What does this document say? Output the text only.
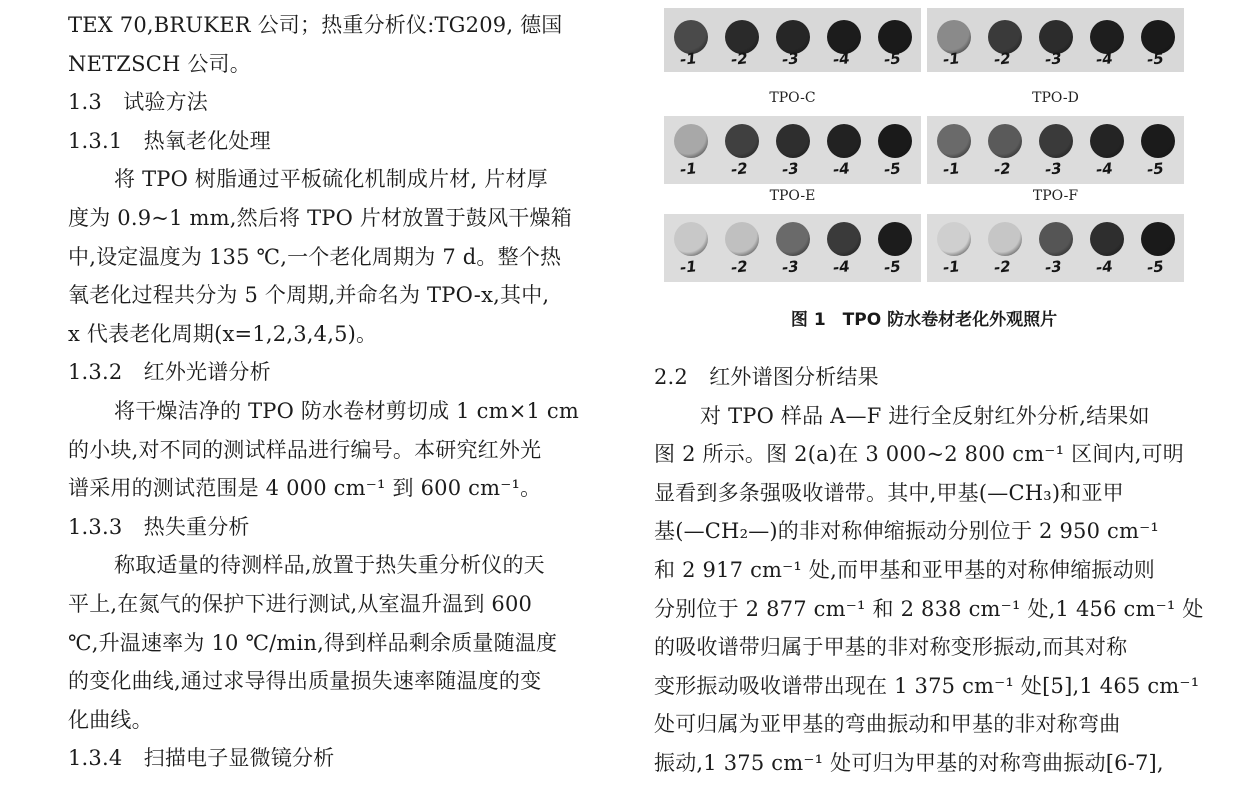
TEX 70,BRUKER 公司；热重分析仪:TG209, 德国
NETZSCH 公司。
1.3　试验方法
1.3.1　热氧老化处理
将 TPO 树脂通过平板硫化机制成片材, 片材厚
度为 0.9~1 mm,然后将 TPO 片材放置于鼓风干燥箱
中,设定温度为 135 ℃,一个老化周期为 7 d。整个热
氧老化过程共分为 5 个周期,并命名为 TPO-x,其中,
x 代表老化周期(x=1,2,3,4,5)。
1.3.2　红外光谱分析
将干燥洁净的 TPO 防水卷材剪切成 1 cm×1 cm
的小块,对不同的测试样品进行编号。本研究红外光
谱采用的测试范围是 4 000 cm⁻¹ 到 600 cm⁻¹。
1.3.3　热失重分析
称取适量的待测样品,放置于热失重分析仪的天
平上,在氮气的保护下进行测试,从室温升温到 600
℃,升温速率为 10 ℃/min,得到样品剩余质量随温度
的变化曲线,通过求导得出质量损失速率随温度的变
化曲线。
1.3.4　扫描电子显微镜分析
-1 -2 -3 -4 -5	-1 -2 -3 -4 -5
TPO-C	TPO-D
-1 -2 -3 -4 -5	-1 -2 -3 -4 -5
TPO-E	TPO-F
-1 -2 -3 -4 -5	-1 -2 -3 -4 -5
图 1　TPO 防水卷材老化外观照片
2.2　红外谱图分析结果
对 TPO 样品 A—F 进行全反射红外分析,结果如
图 2 所示。图 2(a)在 3 000~2 800 cm⁻¹ 区间内,可明
显看到多条强吸收谱带。其中,甲基(—CH₃)和亚甲
基(—CH₂—)的非对称伸缩振动分别位于 2 950 cm⁻¹
和 2 917 cm⁻¹ 处,而甲基和亚甲基的对称伸缩振动则
分别位于 2 877 cm⁻¹ 和 2 838 cm⁻¹ 处,1 456 cm⁻¹ 处
的吸收谱带归属于甲基的非对称变形振动,而其对称
变形振动吸收谱带出现在 1 375 cm⁻¹ 处[5],1 465 cm⁻¹
处可归属为亚甲基的弯曲振动和甲基的非对称弯曲
振动,1 375 cm⁻¹ 处可归为甲基的对称弯曲振动[6-7],
